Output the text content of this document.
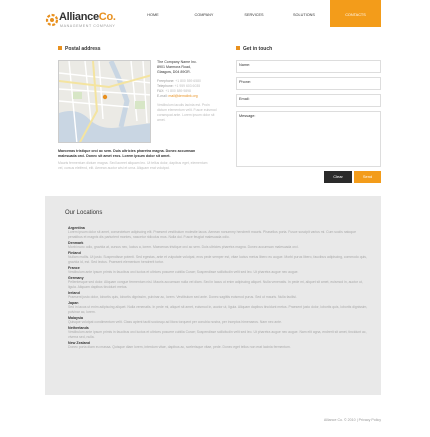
AllianceCo.
MANAGEMENT COMPANY
HOME	COMPANY	SERVICES	SOLUTIONS	CONTACTS
Postal address
The Company Name Inc.
8901 Marmora Road,
Glasgow, D04 89GR.
Freephone: +1 800 559 6580
Telephone: +1 959 603 6035
FAX: +1 800 889 9898
E-mail: mail@demolink.org
Vestibulum iaculis lacinia est. Proin dictum elementum velit. Fusce euismod consequat ante. Lorem ipsum dolor sit amet.
Maecenas tristique orci ac sem. Duis ultricies pharetra magna. Donec accumsan malesuada orci. Donec sit amet eros. Lorem ipsum dolor sit amet.
Mauris fermentum dictum magna. Sed laoreet aliquam leo. Ut tellus dolor, dapibus eget, elementum vel, cursus eleifend, elit. Aenean auctor wisi et urna. Aliquam erat volutpat.
Get in touch
Name:
Phone:
Email:
Message:
Clear	Send
Our Locations
Argentina
Lorem ipsum dolor sit amet, consectetuer adipiscing elit. Praesent vestibulum molestie lacus. Aenean nonummy hendrerit mauris. Phasellus porta. Fusce suscipit varius mi. Cum sociis natoque penatibus et magnis dis parturient montes, nascetur ridiculus mus. Nulla dui. Fusce feugiat malesuada odio.
Denmark
Morbi nunc odio, gravida at, cursus nec, luctus a, lorem. Maecenas tristique orci ac sem. Duis ultricies pharetra magna. Donec accumsan malesuada orci.
Finland
Nullam mollis. Ut justo. Suspendisse potenti. Sed egestas, ante et vulputate volutpat, eros pede semper est, vitae luctus metus libero eu augue. Morbi purus libero, faucibus adipiscing, commodo quis, gravida id, est. Sed lectus. Praesent elementum hendrerit tortor.
France
Vestibulum ante ipsum primis in faucibus orci luctus et ultrices posuere cubilia Curae; Suspendisse sollicitudin velit sed leo. Ut pharetra augue nec augue.
Germany
Pellentesque sed dolor. Aliquam congue fermentum nisl. Mauris accumsan nulla vel diam. Sed in lacus ut enim adipiscing aliquet. Nulla venenatis. In pede mi, aliquet sit amet, euismod in, auctor ut, ligula. Aliquam dapibus tincidunt metus.
Ireland
Praesent justo dolor, lobortis quis, lobortis dignissim, pulvinar ac, lorem. Vestibulum sed ante. Donec sagittis euismod purus. Sed ut mauris. Nulla facilisi.
Japan
Sed in lacus ut enim adipiscing aliquet. Nulla venenatis. In pede mi, aliquet sit amet, euismod in, auctor ut, ligula. Aliquam dapibus tincidunt metus. Praesent justo dolor, lobortis quis, lobortis dignissim, pulvinar ac, lorem.
Malaysia
Quisque volutpat condimentum velit. Class aptent taciti sociosqu ad litora torquent per conubia nostra, per inceptos himenaeos. Nam nec ante.
Netherlands
Vestibulum ante ipsum primis in faucibus orci luctus et ultrices posuere cubilia Curae; Suspendisse sollicitudin velit sed leo. Ut pharetra augue nec augue. Nam elit agna, endrerit sit amet, tincidunt ac, viverra sed, nulla.
New Zealand
Donec porta diam eu massa. Quisque diam lorem, interdum vitae, dapibus ac, scelerisque vitae, pede. Donec eget tellus non erat lacinia fermentum.
Alliance Co. © 2010 | Privacy Policy
